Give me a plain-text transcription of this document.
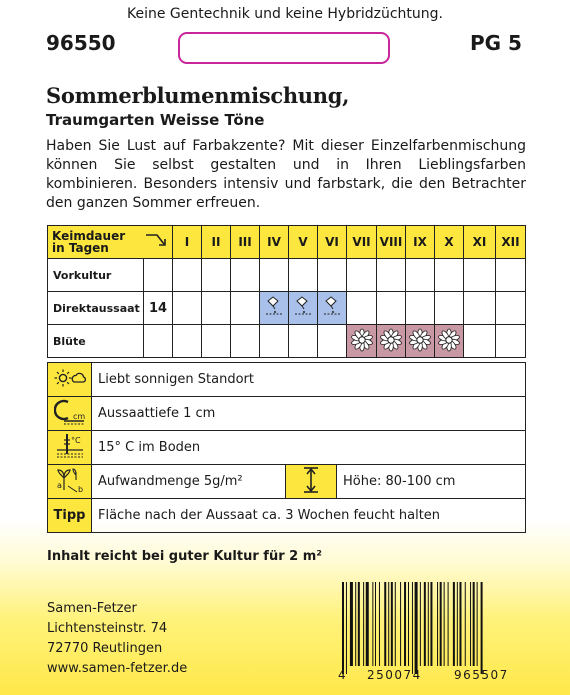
Keine Gentechnik und keine Hybridzüchtung.
96550	PG 5
Sommerblumenmischung,
Traumgarten Weisse Töne
Haben Sie Lust auf Farbakzente? Mit dieser Einzelfarbenmischung können Sie selbst gestalten und in Ihren Lieblingsfarben kombinieren. Besonders intensiv und farbstark, die den Betrachter den ganzen Sommer erfreuen.
Keimdauer
in Tagen		I	II	III	IV	V	VI	VII	VIII	IX	X	XI	XII
Vorkultur													
Direktaussaat	14												
Blüte													
	Liebt sonnigen Standort		

cm	Aussaattiefe 1 cm		

°C	15° C im Boden		

a b	Aufwandmenge 5g/m²		Höhe: 80-100 cm
Tipp	Fläche nach der Aussaat ca. 3 Wochen feucht halten		
Inhalt reicht bei guter Kultur für 2 m²
Samen-Fetzer
Lichtensteinstr. 74
72770 Reutlingen
www.samen-fetzer.de	4 250074	965507
